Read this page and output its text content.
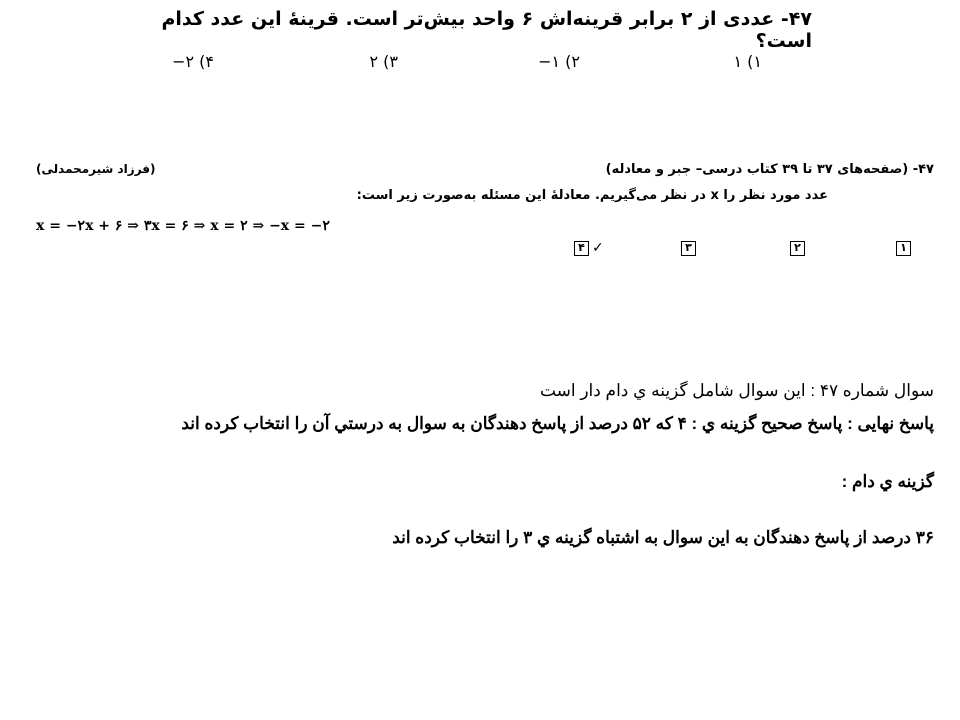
۴۷- عددی از ۲ برابر قرینه‌اش ۶ واحد بیش‌تر است. قرینهٔ این عدد کدام است؟
۱) ۱
۲) ۱−
۳) ۲
۴) ۲−
۴۷- (صفحه‌های ۳۷ تا ۳۹ کتاب درسی– جبر و معادله)
(فرزاد شیرمحمدلی)
عدد مورد نظر را x در نظر می‌گیریم. معادلهٔ این مسئله به‌صورت زیر است:
x = −۲x + ۶ ⇒ ۳x = ۶ ⇒ x = ۲ ⇒ −x = −۲
۱
۲
۳
۴ ✓
سوال شماره ۴۷ : این سوال شامل گزینه ي دام دار است
پاسخ نهایی : پاسخ صحیح گزینه ي : ۴ که ۵۲ درصد از پاسخ دهندگان به سوال به درستي آن را انتخاب کرده اند
گزینه ي دام :
۳۶ درصد از پاسخ دهندگان به این سوال به اشتباه گزینه ي ۳ را انتخاب کرده اند
